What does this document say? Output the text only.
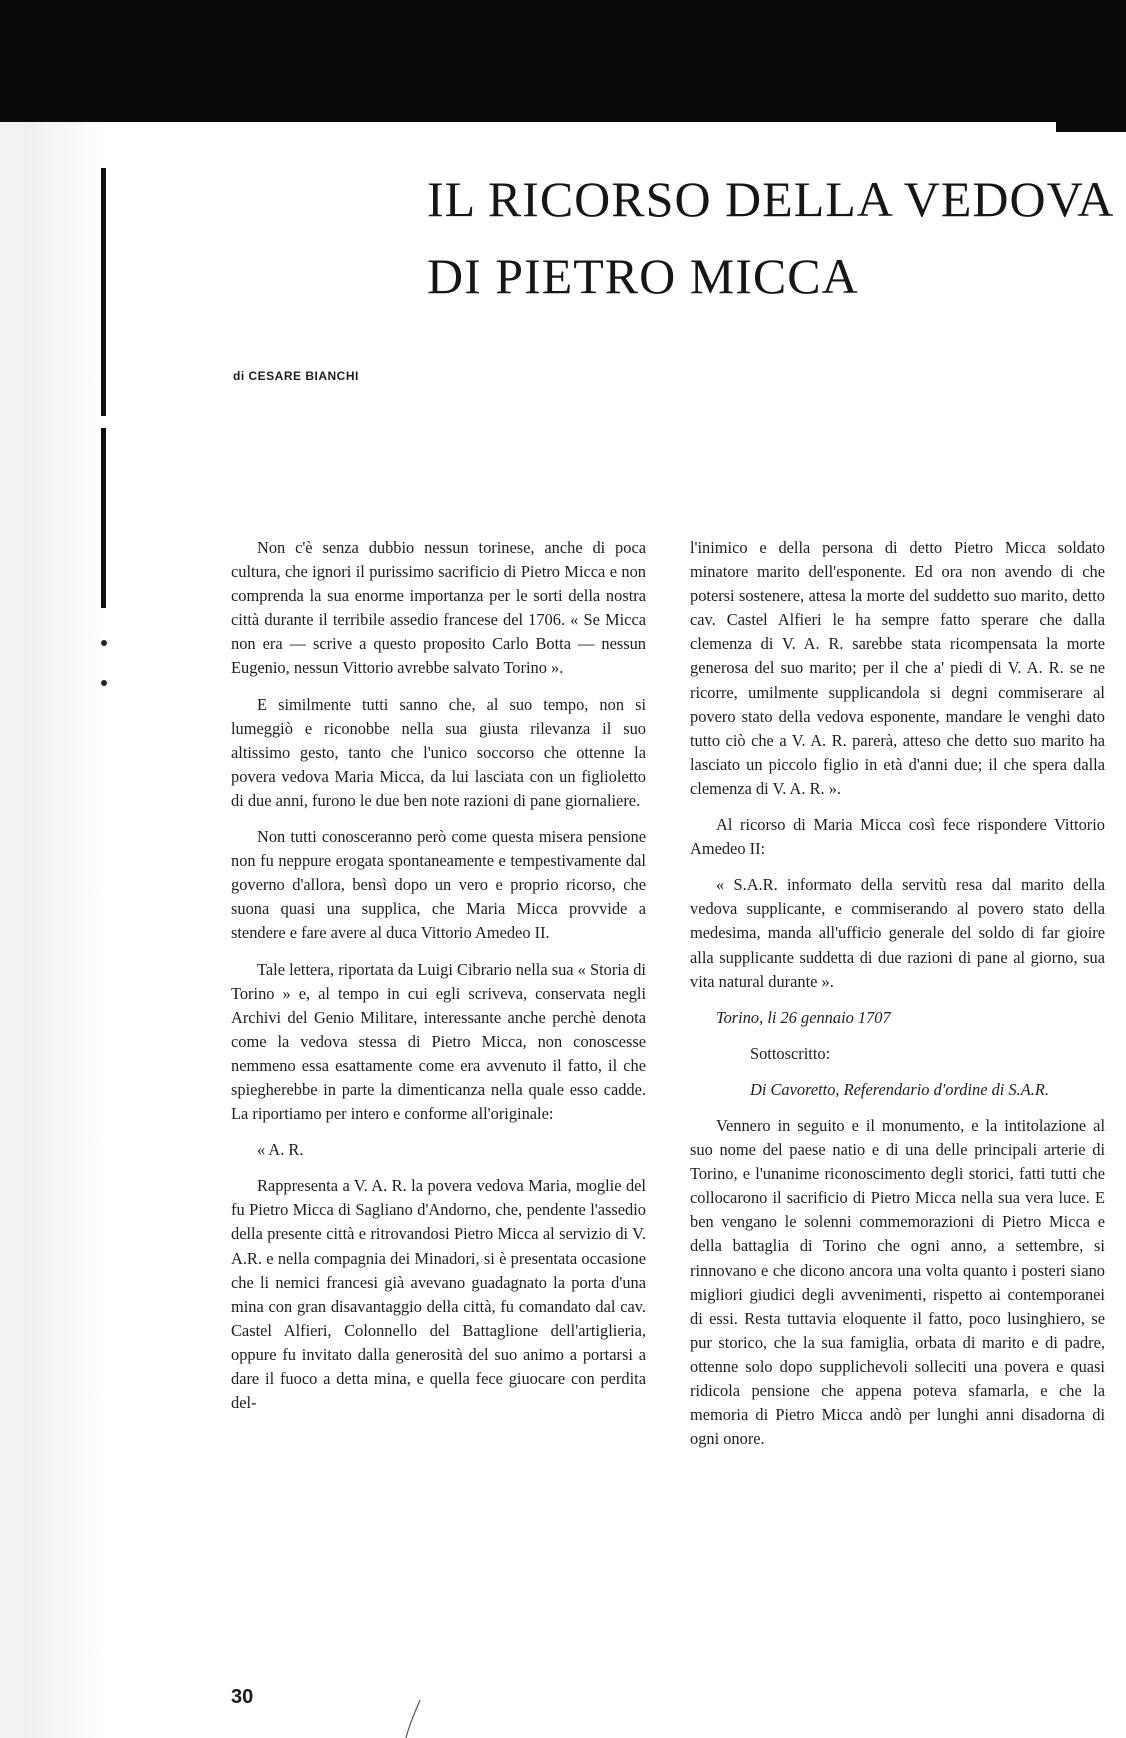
IL RICORSO DELLA VEDOVA
DI PIETRO MICCA

di CESARE BIANCHI

Non c'è senza dubbio nessun torinese, anche di poca cultura, che ignori il purissimo sacrificio di Pietro Micca e non comprenda la sua enorme importanza per le sorti della nostra città durante il terribile assedio francese del 1706. « Se Micca non era — scrive a questo proposito Carlo Botta — nessun Eugenio, nessun Vittorio avrebbe salvato Torino ».

E similmente tutti sanno che, al suo tempo, non si lumeggiò e riconobbe nella sua giusta rilevanza il suo altissimo gesto, tanto che l'unico soccorso che ottenne la povera vedova Maria Micca, da lui lasciata con un figlioletto di due anni, furono le due ben note razioni di pane giornaliere.

Non tutti conosceranno però come questa misera pensione non fu neppure erogata spontaneamente e tempestivamente dal governo d'allora, bensì dopo un vero e proprio ricorso, che suona quasi una supplica, che Maria Micca provvide a stendere e fare avere al duca Vittorio Amedeo II.

Tale lettera, riportata da Luigi Cibrario nella sua « Storia di Torino » e, al tempo in cui egli scriveva, conservata negli Archivi del Genio Militare, interessante anche perchè denota come la vedova stessa di Pietro Micca, non conoscesse nemmeno essa esattamente come era avvenuto il fatto, il che spiegherebbe in parte la dimenticanza nella quale esso cadde. La riportiamo per intero e conforme all'originale:

« A. R.

Rappresenta a V. A. R. la povera vedova Maria, moglie del fu Pietro Micca di Sagliano d'Andorno, che, pendente l'assedio della presente città e ritrovandosi Pietro Micca al servizio di V. A.R. e nella compagnia dei Minadori, si è presentata occasione che li nemici francesi già avevano guadagnato la porta d'una mina con gran disavantaggio della città, fu comandato dal cav. Castel Alfieri, Colonnello del Battaglione dell'artiglieria, oppure fu invitato dalla generosità del suo animo a portarsi a dare il fuoco a detta mina, e quella fece giuocare con perdita del-

l'inimico e della persona di detto Pietro Micca soldato minatore marito dell'esponente. Ed ora non avendo di che potersi sostenere, attesa la morte del suddetto suo marito, detto cav. Castel Alfieri le ha sempre fatto sperare che dalla clemenza di V. A. R. sarebbe stata ricompensata la morte generosa del suo marito; per il che a' piedi di V. A. R. se ne ricorre, umilmente supplicandola si degni commiserare al povero stato della vedova esponente, mandare le venghi dato tutto ciò che a V. A. R. parerà, atteso che detto suo marito ha lasciato un piccolo figlio in età d'anni due; il che spera dalla clemenza di V. A. R. ».

Al ricorso di Maria Micca così fece rispondere Vittorio Amedeo II:

« S.A.R. informato della servitù resa dal marito della vedova supplicante, e commiserando al povero stato della medesima, manda all'ufficio generale del soldo di far gioire alla supplicante suddetta di due razioni di pane al giorno, sua vita natural durante ».

Torino, li 26 gennaio 1707

Sottoscritto:

Di Cavoretto, Referendario d'ordine di S.A.R.

Vennero in seguito e il monumento, e la intitolazione al suo nome del paese natio e di una delle principali arterie di Torino, e l'unanime riconoscimento degli storici, fatti tutti che collocarono il sacrificio di Pietro Micca nella sua vera luce. E ben vengano le solenni commemorazioni di Pietro Micca e della battaglia di Torino che ogni anno, a settembre, si rinnovano e che dicono ancora una volta quanto i posteri siano migliori giudici degli avvenimenti, rispetto ai contemporanei di essi. Resta tuttavia eloquente il fatto, poco lusinghiero, se pur storico, che la sua famiglia, orbata di marito e di padre, ottenne solo dopo supplichevoli solleciti una povera e quasi ridicola pensione che appena poteva sfamarla, e che la memoria di Pietro Micca andò per lunghi anni disadorna di ogni onore.

30
